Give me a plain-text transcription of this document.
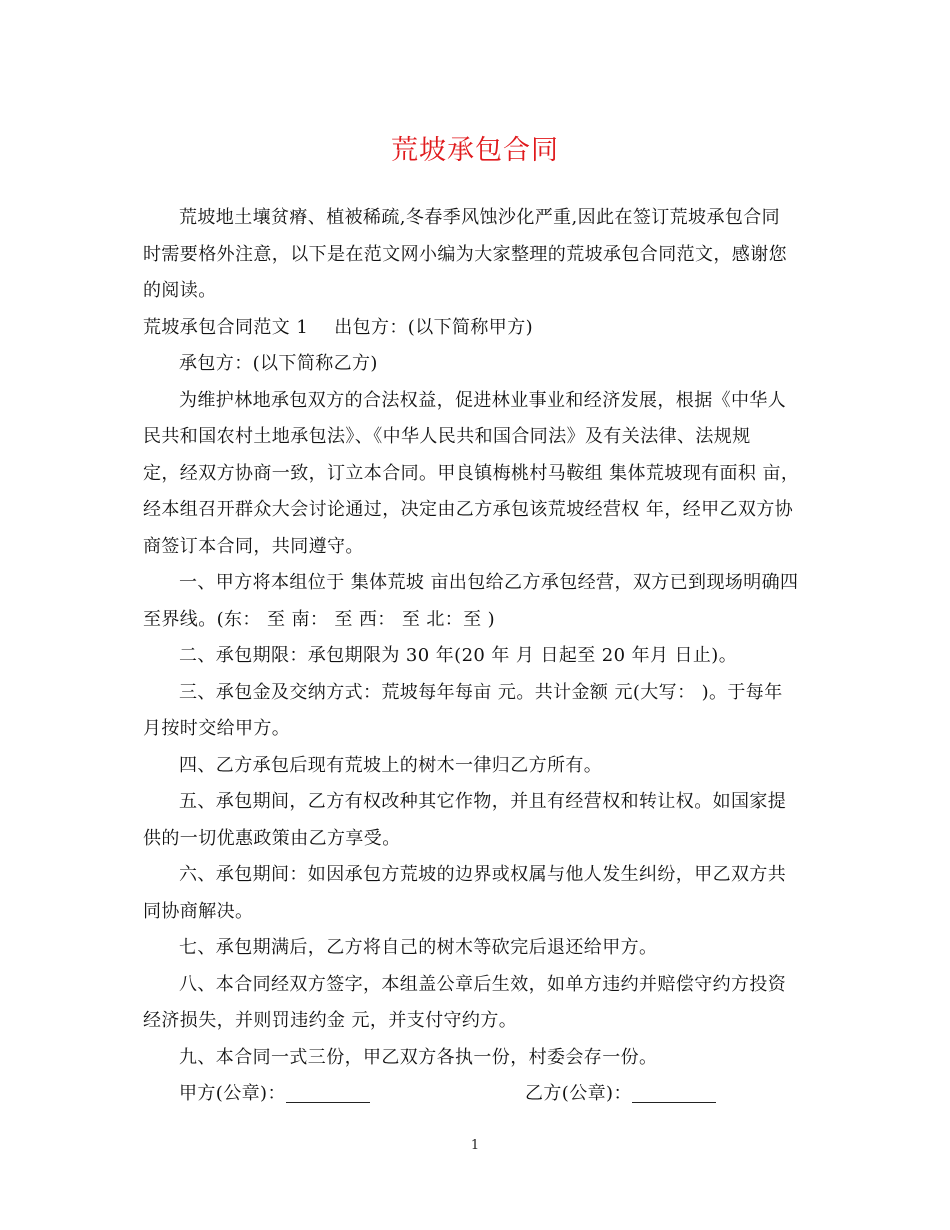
荒坡承包合同

荒坡地土壤贫瘠、植被稀疏,冬春季风蚀沙化严重,因此在签订荒坡承包合同
时需要格外注意，以下是在范文网小编为大家整理的荒坡承包合同范文，感谢您
的阅读。

荒坡承包合同范文 1 出包方：(以下简称甲方)

承包方：(以下简称乙方)

为维护林地承包双方的合法权益，促进林业事业和经济发展，根据《中华人
民共和国农村土地承包法》、《中华人民共和国合同法》及有关法律、法规规
定，经双方协商一致，订立本合同。甲良镇梅桃村马鞍组 集体荒坡现有面积 亩，
经本组召开群众大会讨论通过，决定由乙方承包该荒坡经营权 年，经甲乙双方协
商签订本合同，共同遵守。

一、甲方将本组位于 集体荒坡 亩出包给乙方承包经营，双方已到现场明确四
至界线。(东： 至 南： 至 西： 至 北：至 )

二、承包期限：承包期限为 30 年(20 年 月 日起至 20 年月 日止)。

三、承包金及交纳方式：荒坡每年每亩 元。共计金额 元(大写： )。于每年
月按时交给甲方。

四、乙方承包后现有荒坡上的树木一律归乙方所有。

五、承包期间，乙方有权改种其它作物，并且有经营权和转让权。如国家提
供的一切优惠政策由乙方享受。

六、承包期间：如因承包方荒坡的边界或权属与他人发生纠纷，甲乙双方共
同协商解决。

七、承包期满后，乙方将自己的树木等砍完后退还给甲方。

八、本合同经双方签字，本组盖公章后生效，如单方违约并赔偿守约方投资
经济损失，并则罚违约金 元，并支付守约方。

九、本合同一式三份，甲乙双方各执一份，村委会存一份。

甲方(公章)：	乙方(公章)：
1
